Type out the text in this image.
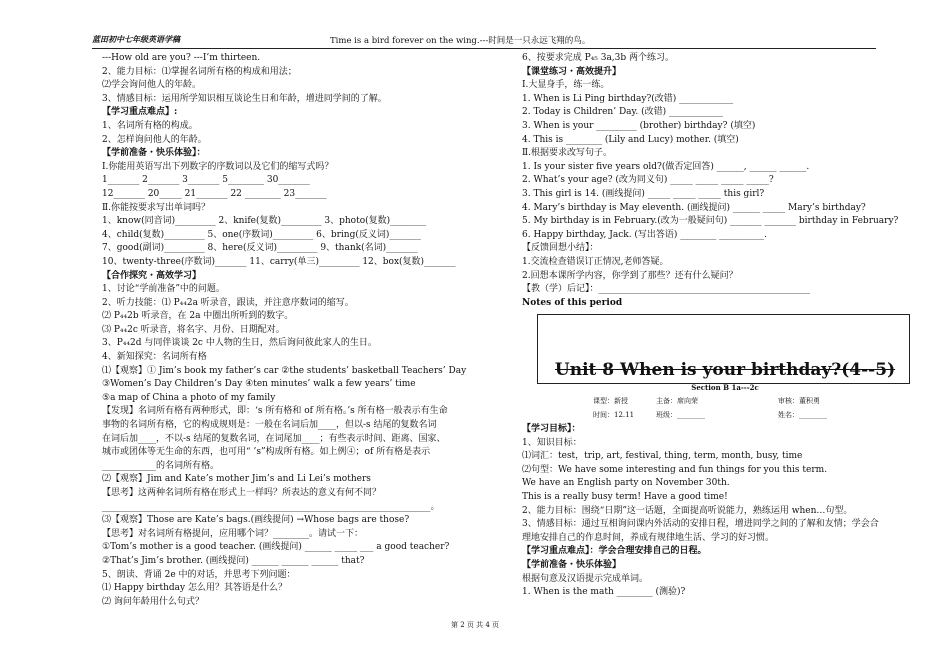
蓝田初中七年级英语学稿	Time is a bird forever on the wing.---时间是一只永远飞翔的鸟。

---How old are you? ---I’m thirteen.

2、能力目标：⑴掌握名词所有格的构成和用法；

⑵学会询问他人的年龄。

3、情感目标：运用所学知识相互谈论生日和年龄，增进同学间的了解。

【学习重点难点】:

1、名词所有格的构成。

2、怎样询问他人的年龄。

【学前准备・快乐体验】：

Ⅰ.你能用英语写出下列数字的序数词以及它们的缩写式吗？

1_______ 2_______ 3_______ 5________ 30_______

12_______ 20_____ 21_______ 22 ________ 23_______

Ⅱ.你能按要求写出单词吗？

1、know(同音词)_________ 2、knife(复数)_________ 3、photo(复数)________

4、child(复数)_________ 5、one(序数词)_________ 6、bring(反义词)_______

7、good(副词)_________ 8、here(反义词)_________ 9、thank(名词)_______

10、twenty-three(序数词)_______ 11、carry(单三)_________ 12、box(复数)_______

【合作探究・高效学习】

1、讨论“学前准备”中的问题。

2、听力技能：⑴ P₄₄2a 听录音，跟读，并注意序数词的缩写。

⑵ P₄₄2b 听录音，在 2a 中圈出所听到的数字。

⑶ P₄₄2c 听录音，将名字、月份、日期配对。

3、P₄₄2d 与同伴谈谈 2c 中人物的生日，然后询问彼此家人的生日。

4、新知探究：名词所有格

⑴【观察】① Jim’s book my father’s car ②the students’ basketball Teachers’ Day

③Women’s Day Children’s Day ④ten minutes’ walk a few years’ time

⑤a map of China a photo of my family

【发现】名词所有格有两种形式，即：‘s 所有格和 of 所有格。’s 所有格一般表示有生命

事物的名词所有格，它的构成规则是：一般在名词后加____，但以-s 结尾的复数名词

在词后加____，不以-s 结尾的复数名词，在词尾加____；有些表示时间、距离、国家、

城市或团体等无生命的东西，也可用“ ’s”构成所有格。如上例④；of 所有格是表示

____________的名词所有格。

⑵【观察】Jim and Kate’s mother Jim’s and Li Lei’s mothers

【思考】这两种名词所有格在形式上一样吗？所表达的意义有何不同？

_________________________________________________________________________。

⑶【观察】Those are Kate’s bags.(画线提问) →Whose bags are those?

【思考】对名词所有格提问，应用哪个词？________。请试一下：

①Tom’s mother is a good teacher. (画线提问) ______ _____ ___ a good teacher?

②That’s Jim’s brother. (画线提问) ______ ______ ______ that?

5、朗读、背诵 2e 中的对话，并思考下列问题：

⑴ Happy birthday 怎么用？其答语是什么？

⑵ 询问年龄用什么句式？

6、按要求完成 P₄₅ 3a,3b 两个练习。

【课堂练习・高效提升】

Ⅰ.大显身手，练一练。

1. When is Li Ping birthday?(改错) ____________

2. Today is Children’ Day. (改错) ____________

3. When is your _________ (brother) birthday? (填空)

4. This is ________ (Lily and Lucy) mother. (填空)

Ⅱ.根据要求改写句子。

1. Is your sister five years old?(做否定回答) ______, ______ ______.

2. What’s your age? (改为同义句) _____ _____ _____ _____?

3. This girl is 14. (画线提问) _____ _____ _____ this girl?

4. Mary’s birthday is May eleventh. (画线提问) ______ _____ Mary’s birthday?

5. My birthday is in February.(改为一般疑问句) _______ _______ birthday in February?

6. Happy birthday, Jack. (写出答语) ________ __________.

【反馈回想小结】：

1.交流检查错误订正情况,老师答疑。

2.回想本课所学内容，你学到了那些？还有什么疑问？

【教（学）后记】：_______________________________________________

Notes of this period

Unit 8 When is your birthday?(4--5)
Section B 1a---2c
课型：新授	主备：席向荣	审核：董积勇
时间：12.11	班级：________	姓名：________

【学习目标】：

1、知识目标：

⑴词汇：test，trip, art, festival, thing, term, month, busy, time

⑵句型：We have some interesting and fun things for you this term.

We have an English party on November 30th.

This is a really busy term! Have a good time!

2、能力目标：围绕“日期”这一话题，全面提高听说能力，熟练运用 when…句型。

3、情感目标：通过互相询问课内外活动的安排日程，增进同学之间的了解和友情；学会合

理地安排自己的作息时间，养成有规律地生活、学习的好习惯。

【学习重点难点】：学会合理安排自己的日程。

【学前准备・快乐体验】

根据句意及汉语提示完成单词。

1. When is the math ________ (测验)?

第 2 页 共 4 页
